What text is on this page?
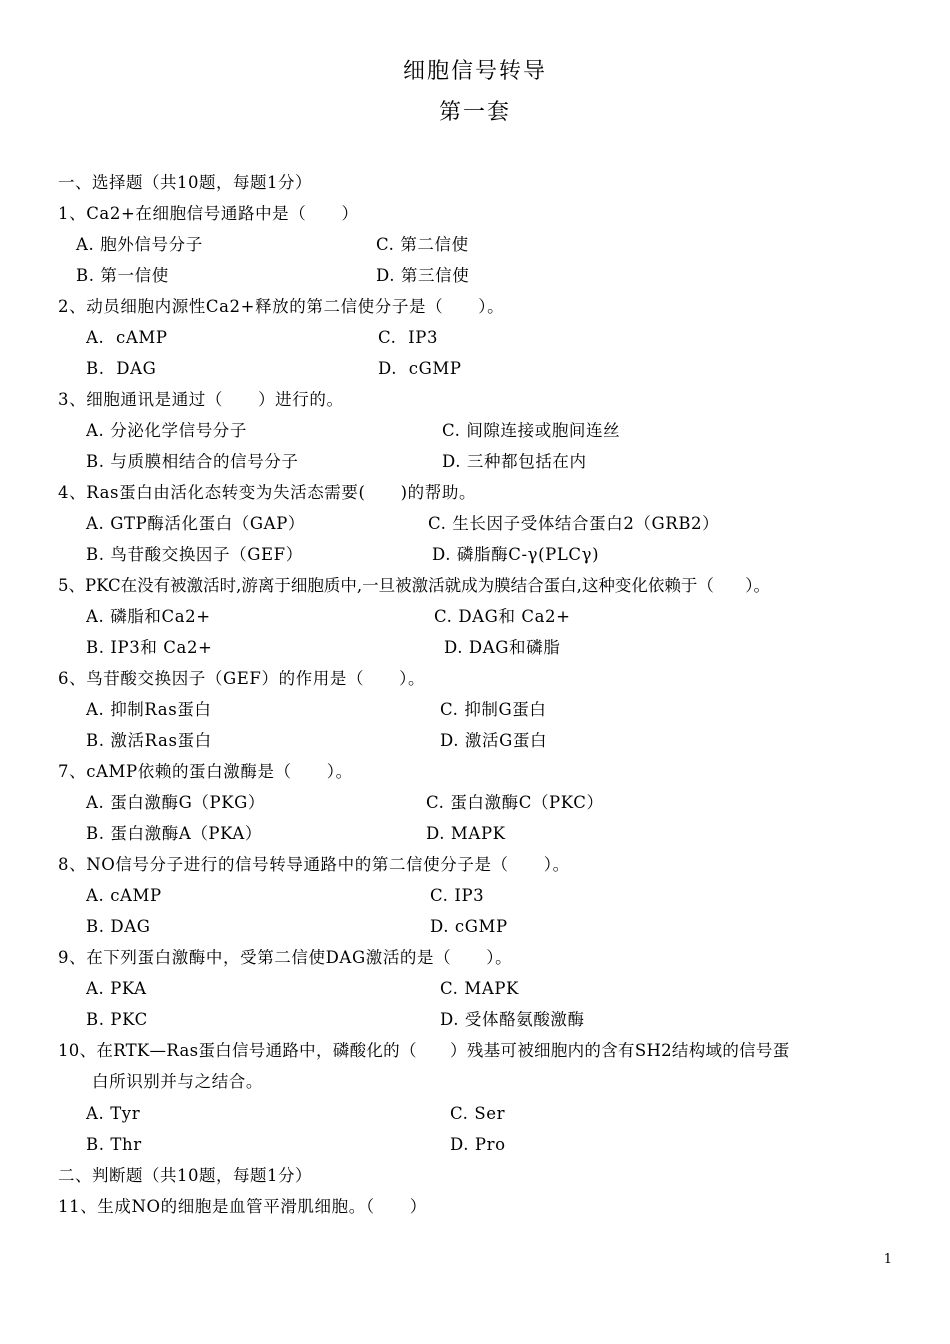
细胞信号转导
第一套
一、选择题（共10题，每题1分）
1、Ca2+在细胞信号通路中是（      ）
A. 胞外信号分子	C. 第二信使
B. 第一信使	D. 第三信使
2、动员细胞内源性Ca2+释放的第二信使分子是（      ）。
A.  cAMP	C.  IP3
B.  DAG	D.  cGMP
3、细胞通讯是通过（      ）进行的。
A. 分泌化学信号分子	C. 间隙连接或胞间连丝
B. 与质膜相结合的信号分子	D. 三种都包括在内
4、Ras蛋白由活化态转变为失活态需要(      )的帮助。
A. GTP酶活化蛋白（GAP）	C. 生长因子受体结合蛋白2（GRB2）
B. 鸟苷酸交换因子（GEF）	D. 磷脂酶C-γ(PLCγ)
5、PKC在没有被激活时,游离于细胞质中,一旦被激活就成为膜结合蛋白,这种变化依赖于（      ）。
A. 磷脂和Ca2+	C. DAG和 Ca2+
B. IP3和 Ca2+	D. DAG和磷脂
6、鸟苷酸交换因子（GEF）的作用是（      ）。
A. 抑制Ras蛋白	C. 抑制G蛋白
B. 激活Ras蛋白	D. 激活G蛋白
7、cAMP依赖的蛋白激酶是（      ）。
A. 蛋白激酶G（PKG）	C. 蛋白激酶C（PKC）
B. 蛋白激酶A（PKA）	D. MAPK
8、NO信号分子进行的信号转导通路中的第二信使分子是（      ）。
A. cAMP	C. IP3
B. DAG	D. cGMP
9、在下列蛋白激酶中，受第二信使DAG激活的是（      ）。
A. PKA	C. MAPK
B. PKC	D. 受体酪氨酸激酶
10、在RTK—Ras蛋白信号通路中，磷酸化的（      ）残基可被细胞内的含有SH2结构域的信号蛋
白所识别并与之结合。
A. Tyr	C. Ser
B. Thr	D. Pro
二、判断题（共10题，每题1分）
11、生成NO的细胞是血管平滑肌细胞。（      ）
1
